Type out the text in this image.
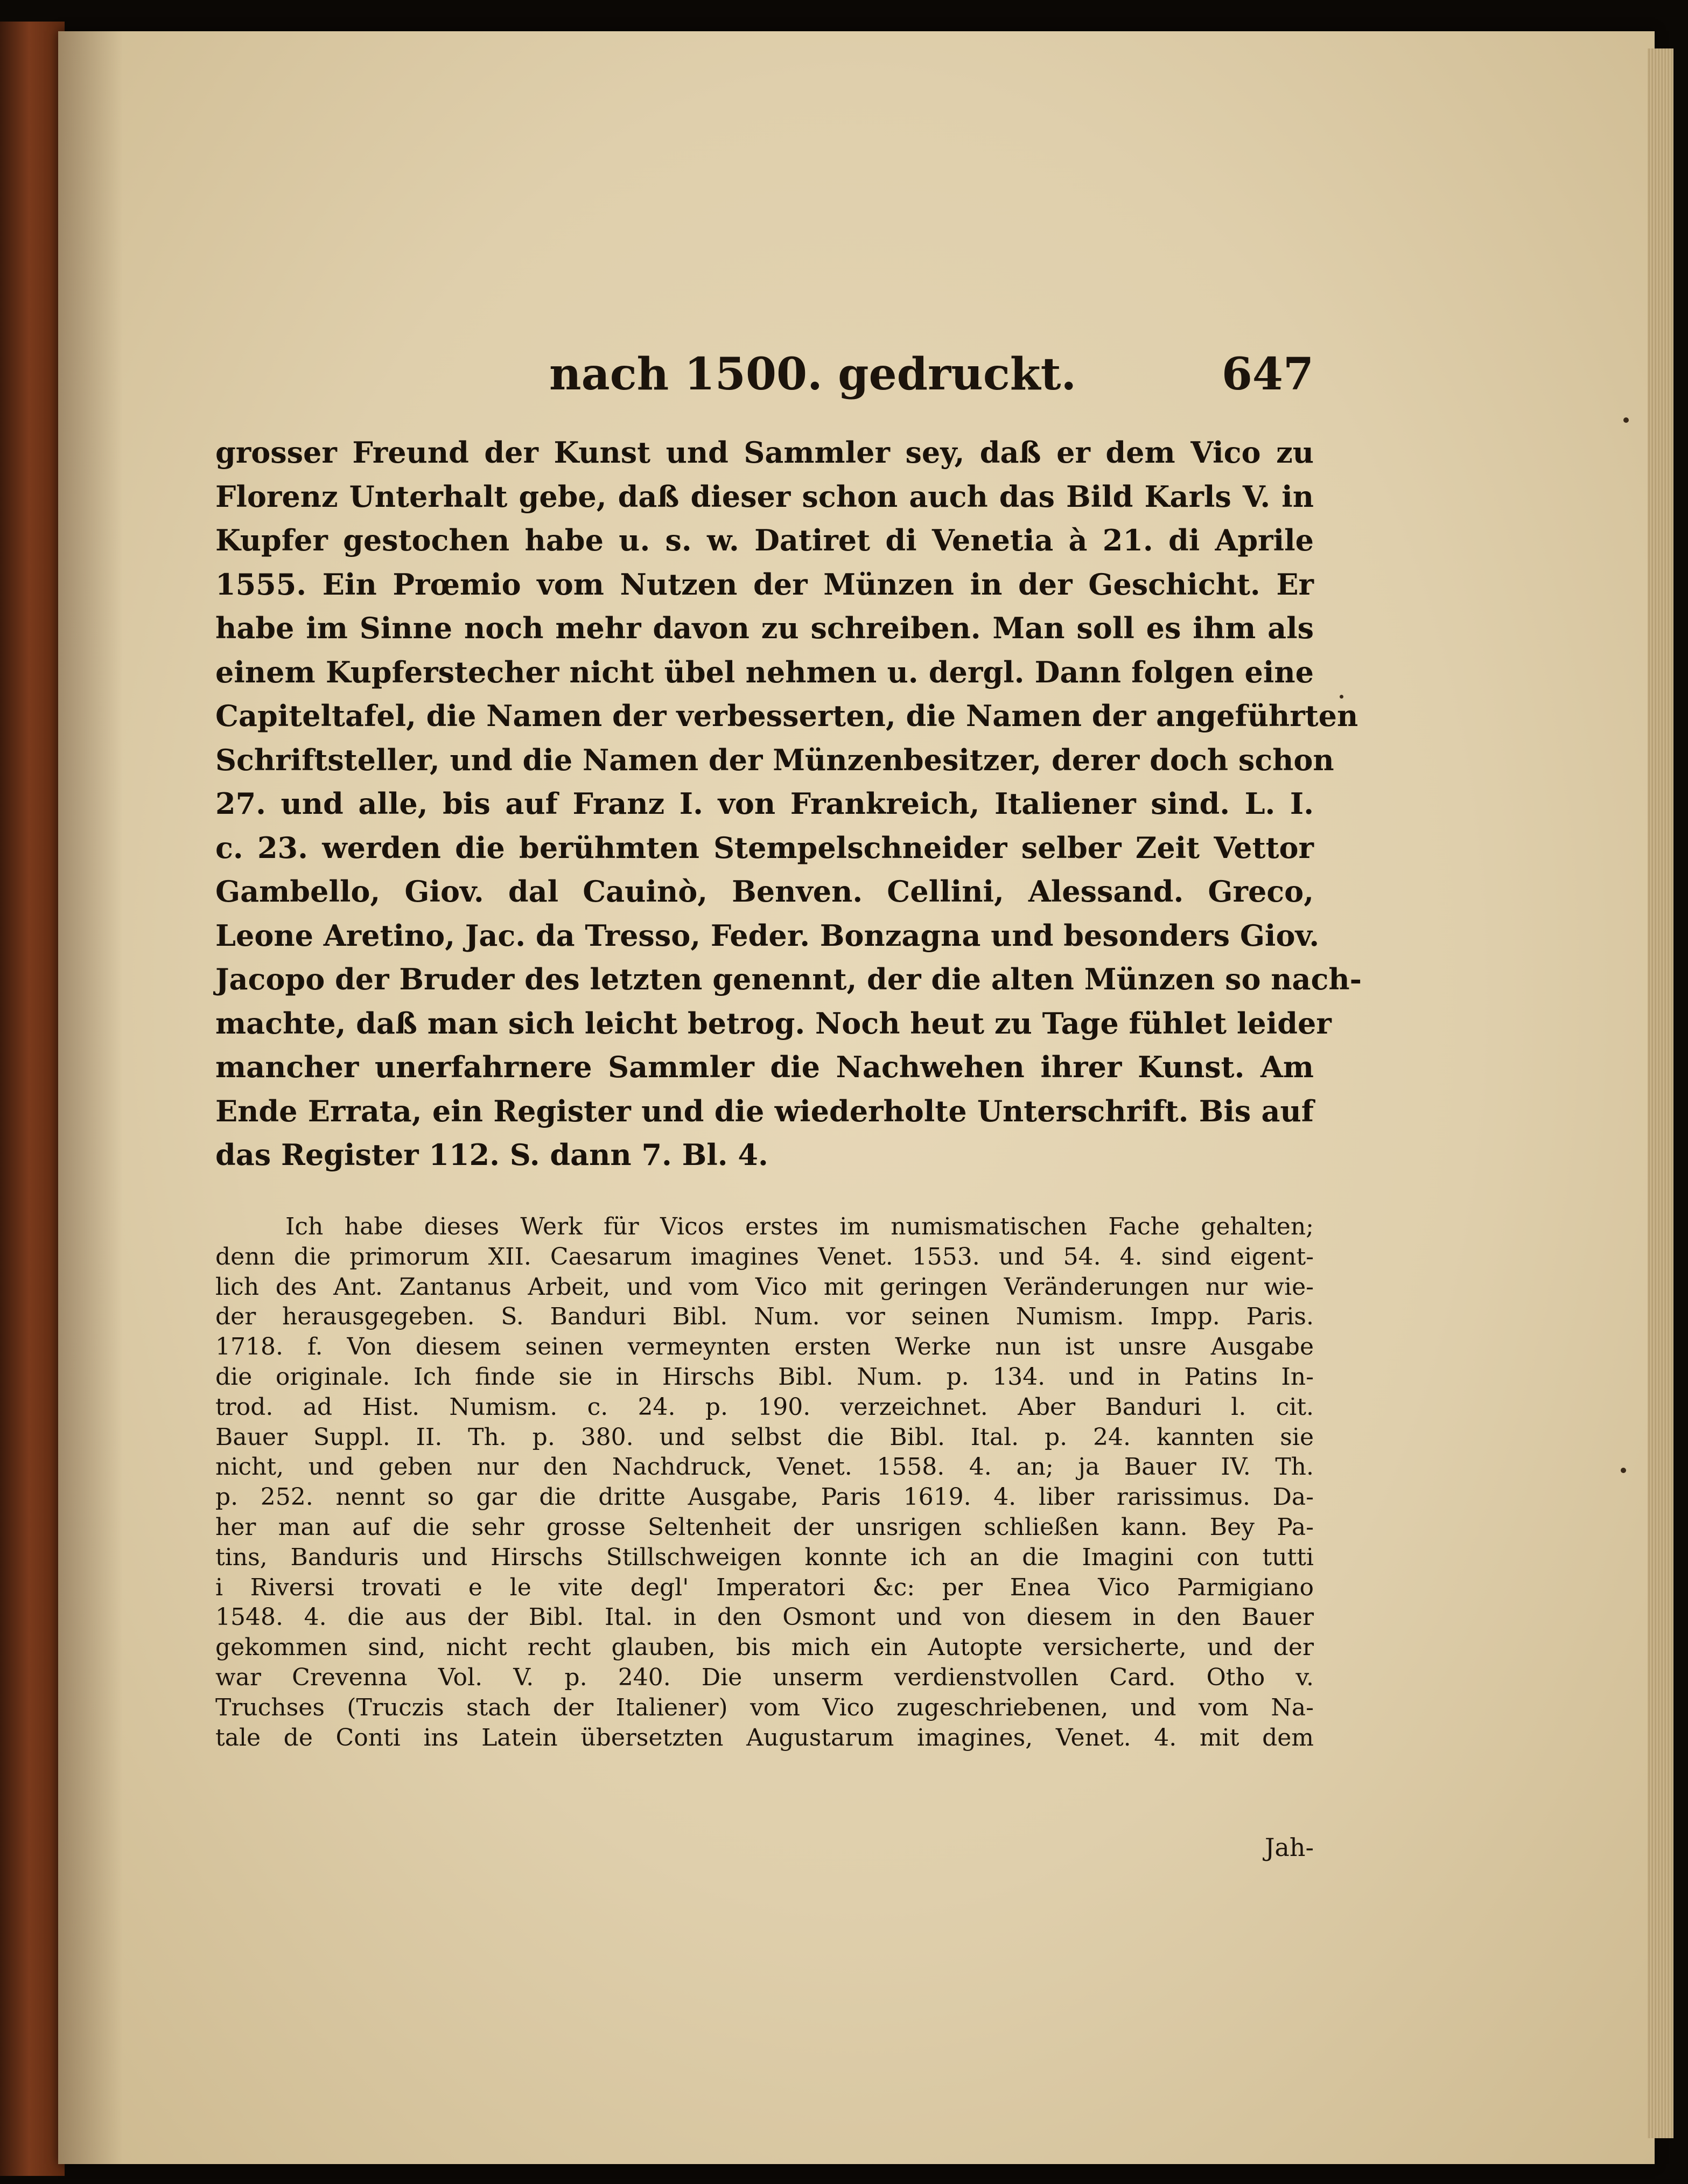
nach 1500. gedruckt.	647
grosser Freund der Kunst und Sammler sey, daß er dem Vico zu
Florenz Unterhalt gebe, daß dieser schon auch das Bild Karls V. in
Kupfer gestochen habe u. s. w. Datiret di Venetia à 21. di Aprile
1555. Ein Prœmio vom Nutzen der Münzen in der Geschicht. Er
habe im Sinne noch mehr davon zu schreiben. Man soll es ihm als
einem Kupferstecher nicht übel nehmen u. dergl. Dann folgen eine
Capiteltafel, die Namen der verbesserten, die Namen der angeführten
Schriftsteller, und die Namen der Münzenbesitzer, derer doch schon
27. und alle, bis auf Franz I. von Frankreich, Italiener sind. L. I.
c. 23. werden die berühmten Stempelschneider selber Zeit Vettor
Gambello, Giov. dal Cauinò, Benven. Cellini, Alessand. Greco,
Leone Aretino, Jac. da Tresso, Feder. Bonzagna und besonders Giov.
Jacopo der Bruder des letzten genennt, der die alten Münzen so nach-
machte, daß man sich leicht betrog. Noch heut zu Tage fühlet leider
mancher unerfahrnere Sammler die Nachwehen ihrer Kunst. Am
Ende Errata, ein Register und die wiederholte Unterschrift. Bis auf
das Register 112. S. dann 7. Bl. 4.
Ich habe dieses Werk für Vicos erstes im numismatischen Fache gehalten;
denn die primorum XII. Caesarum imagines Venet. 1553. und 54. 4. sind eigent-
lich des Ant. Zantanus Arbeit, und vom Vico mit geringen Veränderungen nur wie-
der herausgegeben. S. Banduri Bibl. Num. vor seinen Numism. Impp. Paris.
1718. f. Von diesem seinen vermeynten ersten Werke nun ist unsre Ausgabe
die originale. Ich finde sie in Hirschs Bibl. Num. p. 134. und in Patins In-
trod. ad Hist. Numism. c. 24. p. 190. verzeichnet. Aber Banduri l. cit.
Bauer Suppl. II. Th. p. 380. und selbst die Bibl. Ital. p. 24. kannten sie
nicht, und geben nur den Nachdruck, Venet. 1558. 4. an; ja Bauer IV. Th.
p. 252. nennt so gar die dritte Ausgabe, Paris 1619. 4. liber rarissimus. Da-
her man auf die sehr grosse Seltenheit der unsrigen schließen kann. Bey Pa-
tins, Banduris und Hirschs Stillschweigen konnte ich an die Imagini con tutti
i Riversi trovati e le vite degl' Imperatori &c: per Enea Vico Parmigiano
1548. 4. die aus der Bibl. Ital. in den Osmont und von diesem in den Bauer
gekommen sind, nicht recht glauben, bis mich ein Autopte versicherte, und der
war Crevenna Vol. V. p. 240. Die unserm verdienstvollen Card. Otho v.
Truchses (Truczis stach der Italiener) vom Vico zugeschriebenen, und vom Na-
tale de Conti ins Latein übersetzten Augustarum imagines, Venet. 4. mit dem
Jah-
